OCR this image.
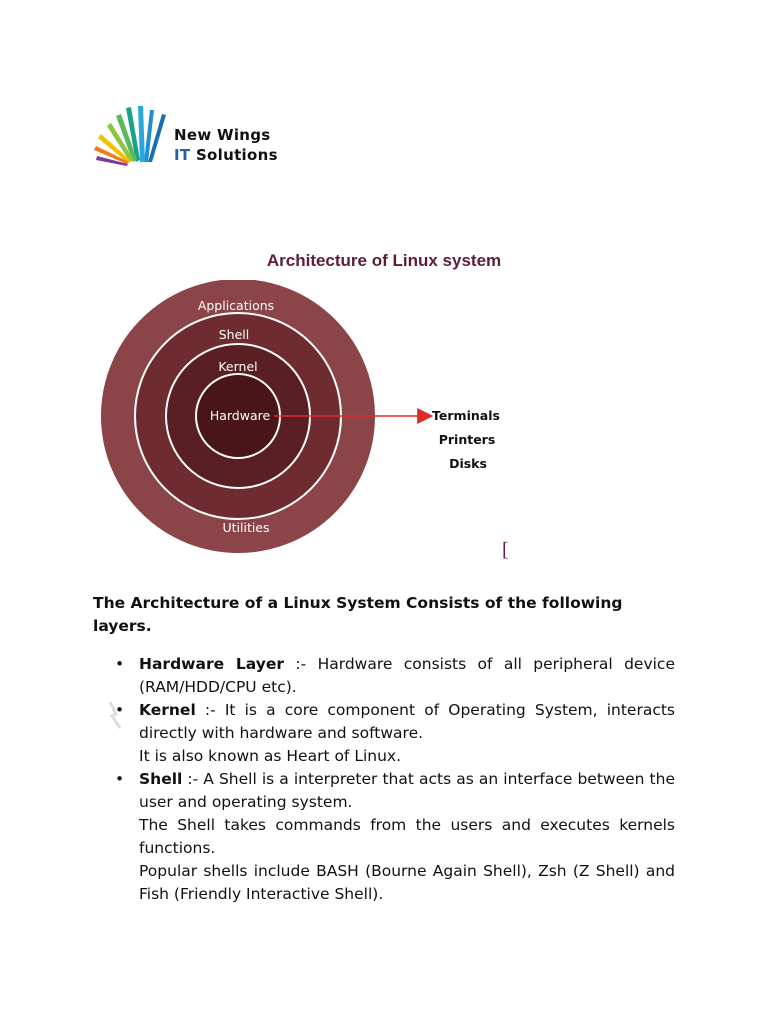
New Wings
IT Solutions
Architecture of Linux system
Applications
Shell
Kernel
Hardware
Utilities
Terminals
Printers
Disks
[
The Architecture of a Linux System Consists of the following layers.
• Hardware Layer :- Hardware consists of all peripheral device (RAM/HDD/CPU etc).
• Kernel :- It is a core component of Operating System, interacts directly with hardware and software.
It is also known as Heart of Linux.
• Shell :- A Shell is a interpreter that acts as an interface between the user and operating system.
The Shell takes commands from the users and executes kernels functions.
Popular shells include BASH (Bourne Again Shell), Zsh (Z Shell) and Fish (Friendly Interactive Shell).
